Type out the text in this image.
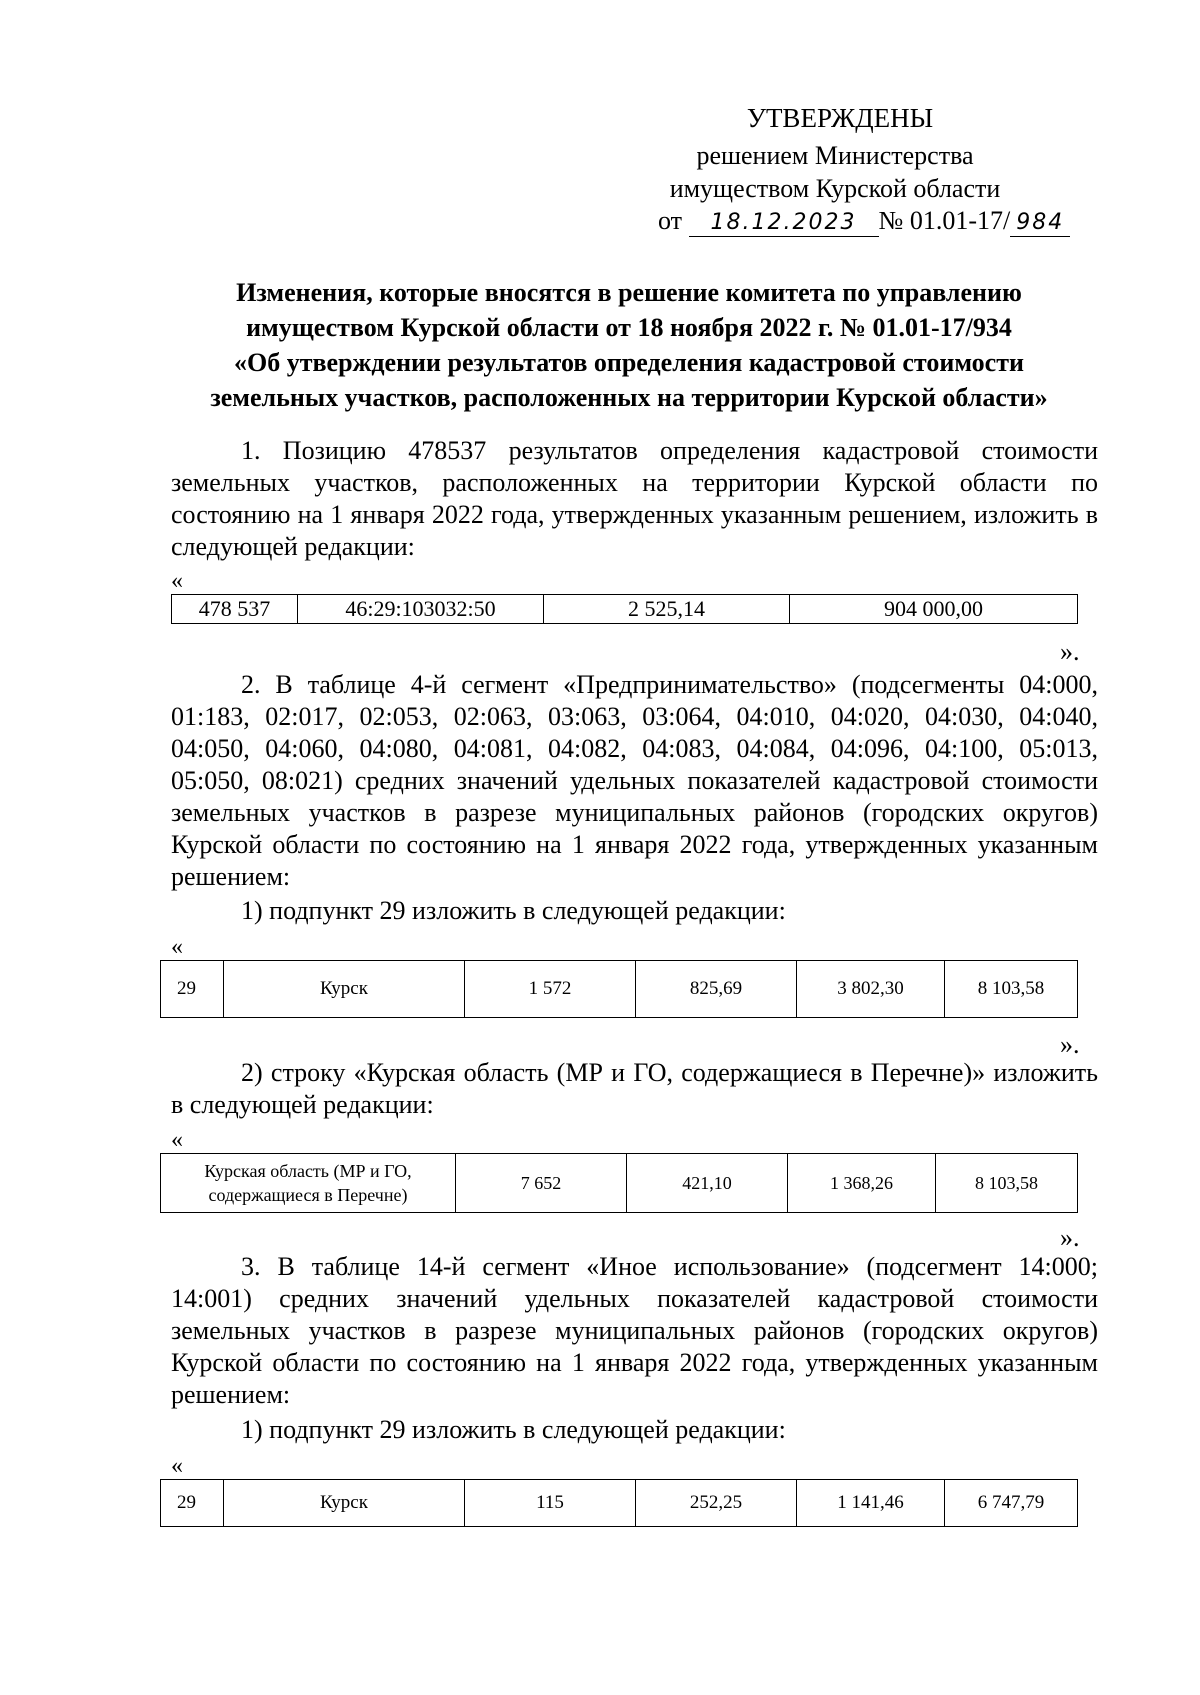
УТВЕРЖДЕНЫ
решением Министерства
имуществом Курской области
от 18.12.2023 № 01.01-17/ 984
Изменения, которые вносятся в решение комитета по управлению
имуществом Курской области от 18 ноября 2022 г. № 01.01-17/934
«Об утверждении результатов определения кадастровой стоимости
земельных участков, расположенных на территории Курской области»
1. Позицию 478537 результатов определения кадастровой стоимости земельных участков, расположенных на территории Курской области по состоянию на 1 января 2022 года, утвержденных указанным решением, изложить в следующей редакции:
«
478 537	46:29:103032:50	2 525,14	904 000,00
».
2. В таблице 4-й сегмент «Предпринимательство» (подсегменты 04:000, 01:183, 02:017, 02:053, 02:063, 03:063, 03:064, 04:010, 04:020, 04:030, 04:040, 04:050, 04:060, 04:080, 04:081, 04:082, 04:083, 04:084, 04:096, 04:100, 05:013, 05:050, 08:021) средних значений удельных показателей кадастровой стоимости земельных участков в разрезе муниципальных районов (городских округов) Курской области по состоянию на 1 января 2022 года, утвержденных указанным решением:
1) подпункт 29 изложить в следующей редакции:
«
29	Курск	1 572	825,69	3 802,30	8 103,58
».
2) строку «Курская область (МР и ГО, содержащиеся в Перечне)» изложить в следующей редакции:
«
Курская область (МР и ГО, содержащиеся в Перечне)	7 652	421,10	1 368,26	8 103,58
».
3. В таблице 14-й сегмент «Иное использование» (подсегмент 14:000; 14:001) средних значений удельных показателей кадастровой стоимости земельных участков в разрезе муниципальных районов (городских округов) Курской области по состоянию на 1 января 2022 года, утвержденных указанным решением:
1) подпункт 29 изложить в следующей редакции:
«
29	Курск	115	252,25	1 141,46	6 747,79
